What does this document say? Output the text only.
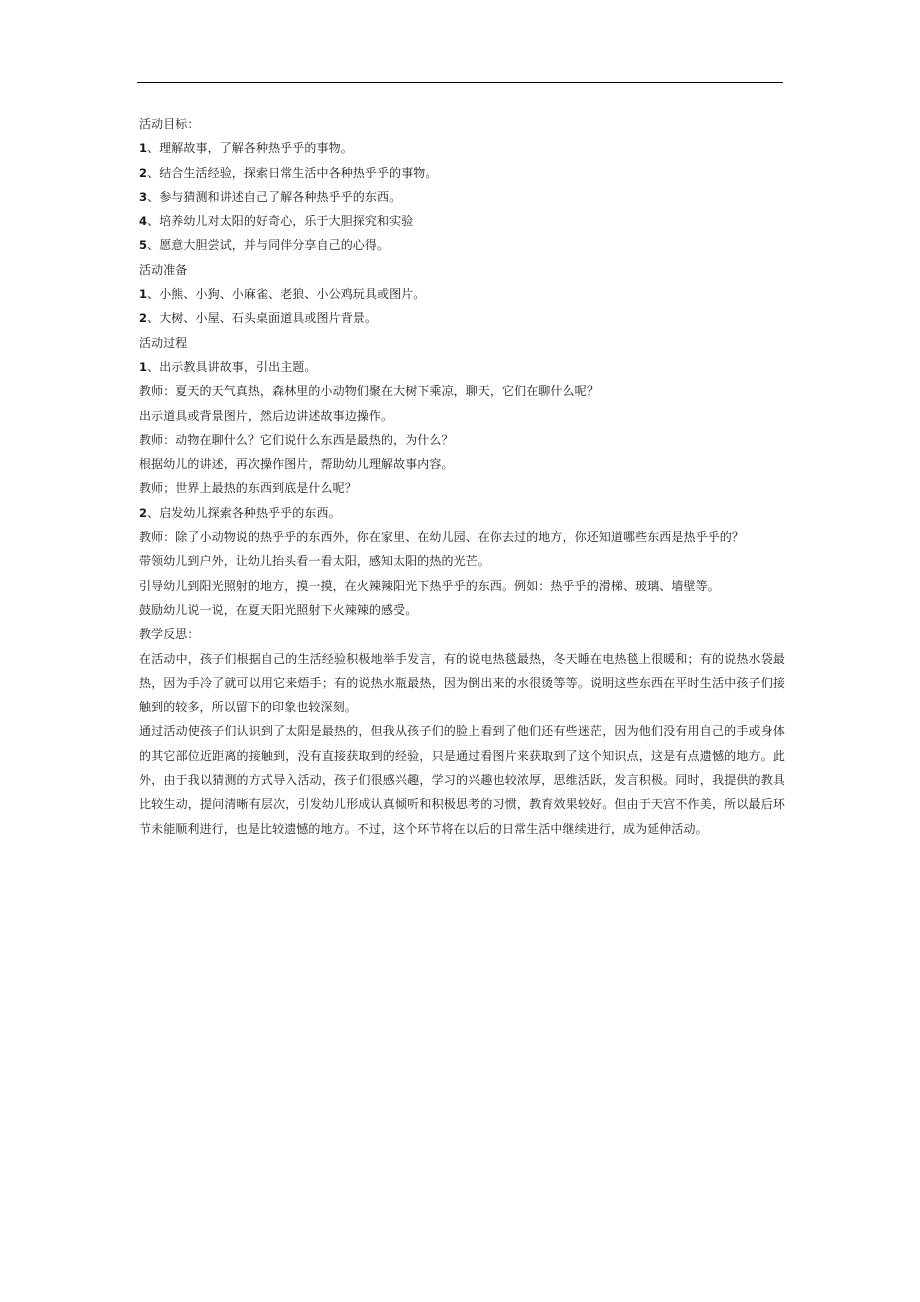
活动目标：
1、理解故事，了解各种热乎乎的事物。
2、结合生活经验，探索日常生活中各种热乎乎的事物。
3、参与猜测和讲述自己了解各种热乎乎的东西。
4、培养幼儿对太阳的好奇心，乐于大胆探究和实验
5、愿意大胆尝试，并与同伴分享自己的心得。
活动准备
1、小熊、小狗、小麻雀、老狼、小公鸡玩具或图片。
2、大树、小屋、石头桌面道具或图片背景。
活动过程
1、出示教具讲故事，引出主题。
教师：夏天的天气真热，森林里的小动物们聚在大树下乘凉，聊天，它们在聊什么呢？
出示道具或背景图片，然后边讲述故事边操作。
教师：动物在聊什么？它们说什么东西是最热的，为什么？
根据幼儿的讲述，再次操作图片，帮助幼儿理解故事内容。
教师；世界上最热的东西到底是什么呢？
2、启发幼儿探索各种热乎乎的东西。
教师：除了小动物说的热乎乎的东西外，你在家里、在幼儿园、在你去过的地方，你还知道哪些东西是热乎乎的？
带领幼儿到户外，让幼儿抬头看一看太阳，感知太阳的热的光芒。
引导幼儿到阳光照射的地方，摸一摸，在火辣辣阳光下热乎乎的东西。例如：热乎乎的滑梯、玻璃、墙壁等。
鼓励幼儿说一说，在夏天阳光照射下火辣辣的感受。
教学反思：
在活动中，孩子们根据自己的生活经验积极地举手发言，有的说电热毯最热，冬天睡在电热毯上很暖和；有的说热水袋最热，因为手冷了就可以用它来焐手；有的说热水瓶最热，因为倒出来的水很烫等等。说明这些东西在平时生活中孩子们接触到的较多，所以留下的印象也较深刻。
通过活动使孩子们认识到了太阳是最热的，但我从孩子们的脸上看到了他们还有些迷茫，因为他们没有用自己的手或身体的其它部位近距离的接触到，没有直接获取到的经验，只是通过看图片来获取到了这个知识点，这是有点遗憾的地方。此外，由于我以猜测的方式导入活动，孩子们很感兴趣，学习的兴趣也较浓厚，思维活跃，发言积极。同时，我提供的教具比较生动，提问清晰有层次，引发幼儿形成认真倾听和积极思考的习惯，教育效果较好。但由于天宫不作美，所以最后环节未能顺利进行，也是比较遗憾的地方。不过，这个环节将在以后的日常生活中继续进行，成为延伸活动。
